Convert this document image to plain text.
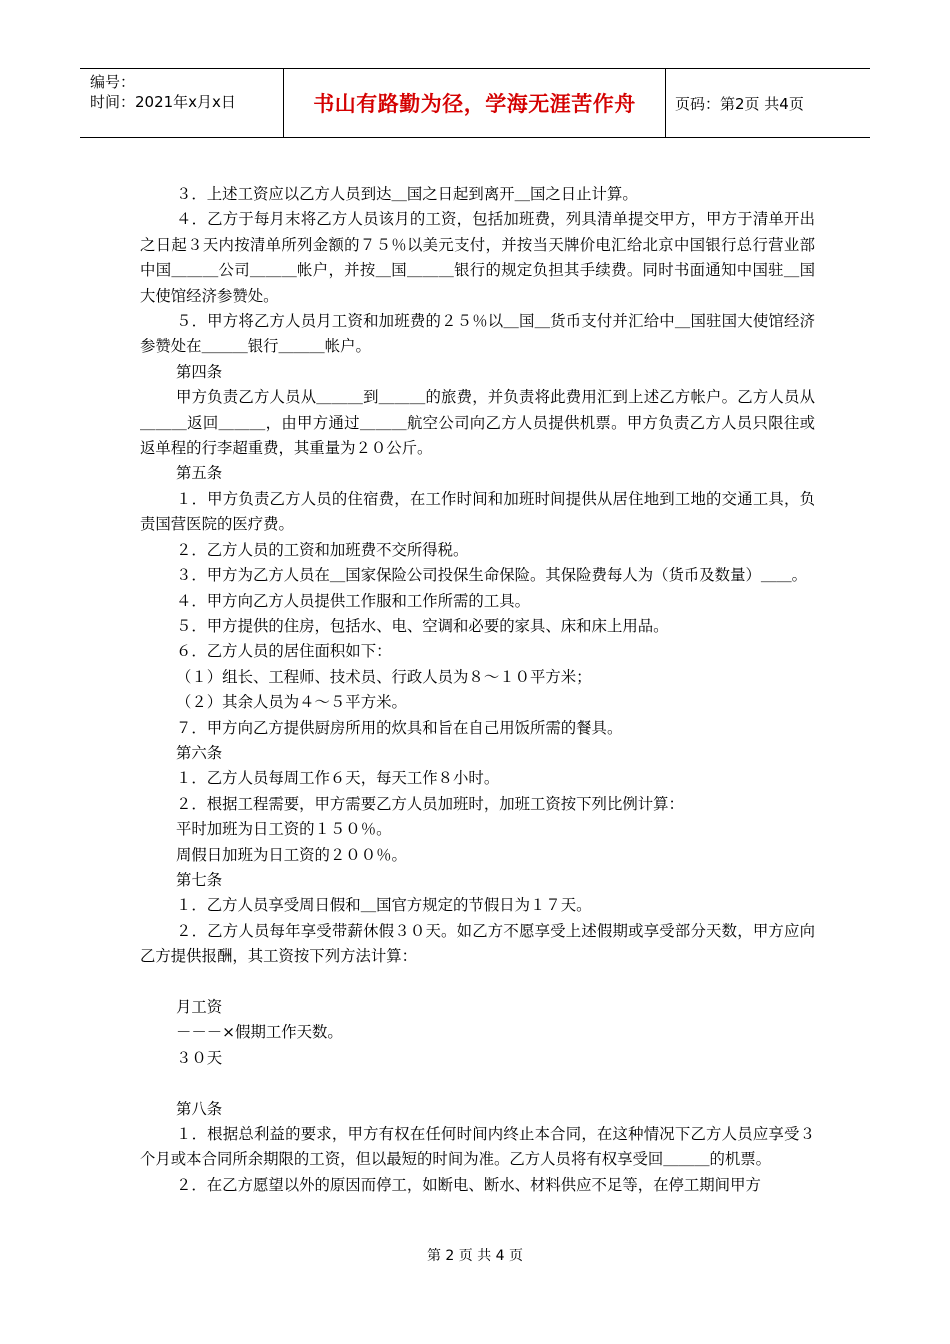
编号：
时间：2021年x月x日	书山有路勤为径，学海无涯苦作舟	页码：第2页 共4页

３．上述工资应以乙方人员到达＿国之日起到离开＿国之日止计算。

４．乙方于每月末将乙方人员该月的工资，包括加班费，列具清单提交甲方，甲方于清单开出之日起３天内按清单所列金额的７５％以美元支付，并按当天牌价电汇给北京中国银行总行营业部中国＿＿＿公司＿＿＿帐户，并按＿国＿＿＿银行的规定负担其手续费。同时书面通知中国驻＿国大使馆经济参赞处。

５．甲方将乙方人员月工资和加班费的２５％以＿国＿货币支付并汇给中＿国驻国大使馆经济参赞处在＿＿＿银行＿＿＿帐户。

第四条

甲方负责乙方人员从＿＿＿到＿＿＿的旅费，并负责将此费用汇到上述乙方帐户。乙方人员从＿＿＿返回＿＿＿，由甲方通过＿＿＿航空公司向乙方人员提供机票。甲方负责乙方人员只限往或返单程的行李超重费，其重量为２０公斤。

第五条

１．甲方负责乙方人员的住宿费，在工作时间和加班时间提供从居住地到工地的交通工具，负责国营医院的医疗费。

２．乙方人员的工资和加班费不交所得税。

３．甲方为乙方人员在＿国家保险公司投保生命保险。其保险费每人为（货币及数量）＿＿。

４．甲方向乙方人员提供工作服和工作所需的工具。

５．甲方提供的住房，包括水、电、空调和必要的家具、床和床上用品。

６．乙方人员的居住面积如下：

（１）组长、工程师、技术员、行政人员为８～１０平方米；

（２）其余人员为４～５平方米。

７．甲方向乙方提供厨房所用的炊具和旨在自己用饭所需的餐具。

第六条

１．乙方人员每周工作６天，每天工作８小时。

２．根据工程需要，甲方需要乙方人员加班时，加班工资按下列比例计算：

平时加班为日工资的１５０％。

周假日加班为日工资的２００％。

第七条

１．乙方人员享受周日假和＿国官方规定的节假日为１７天。

２．乙方人员每年享受带薪休假３０天。如乙方不愿享受上述假期或享受部分天数，甲方应向乙方提供报酬，其工资按下列方法计算：

月工资

－－－×假期工作天数。

３０天

第八条

１．根据总利益的要求，甲方有权在任何时间内终止本合同，在这种情况下乙方人员应享受３个月或本合同所余期限的工资，但以最短的时间为准。乙方人员将有权享受回＿＿＿的机票。

２．在乙方愿望以外的原因而停工，如断电、断水、材料供应不足等，在停工期间甲方

第 2 页 共 4 页
